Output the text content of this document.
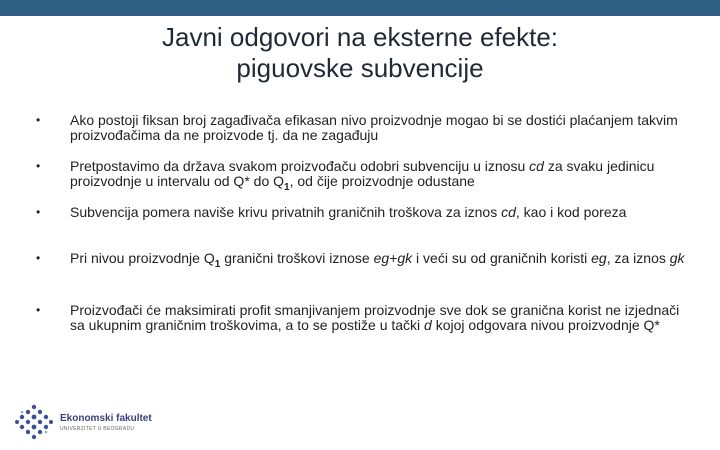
Javni odgovori na eksterne efekte:
piguovske subvencije
• Ako postoji fiksan broj zagađivača efikasan nivo proizvodnje mogao bi se dostići plaćanjem takvim proizvođačima da ne proizvode tj. da ne zagađuju
• Pretpostavimo da država svakom proizvođaču odobri subvenciju u iznosu cd za svaku jedinicu proizvodnje u intervalu od Q* do $Q_1$, od čije proizvodnje odustane
• Subvencija pomera naviše krivu privatnih graničnih troškova za iznos cd, kao i kod poreza
• Pri nivou proizvodnje $Q_1$ granični troškovi iznose eg+gk i veći su od graničnih koristi eg, za iznos gk
• Proizvođači će maksimirati profit smanjivanjem proizvodnje sve dok se granična korist ne izjednači sa ukupnim graničnim troškovima, a to se postiže u tački d kojoj odgovara nivou proizvodnje Q*
Ekonomski fakultet
UNIVERZITET U BEOGRADU
